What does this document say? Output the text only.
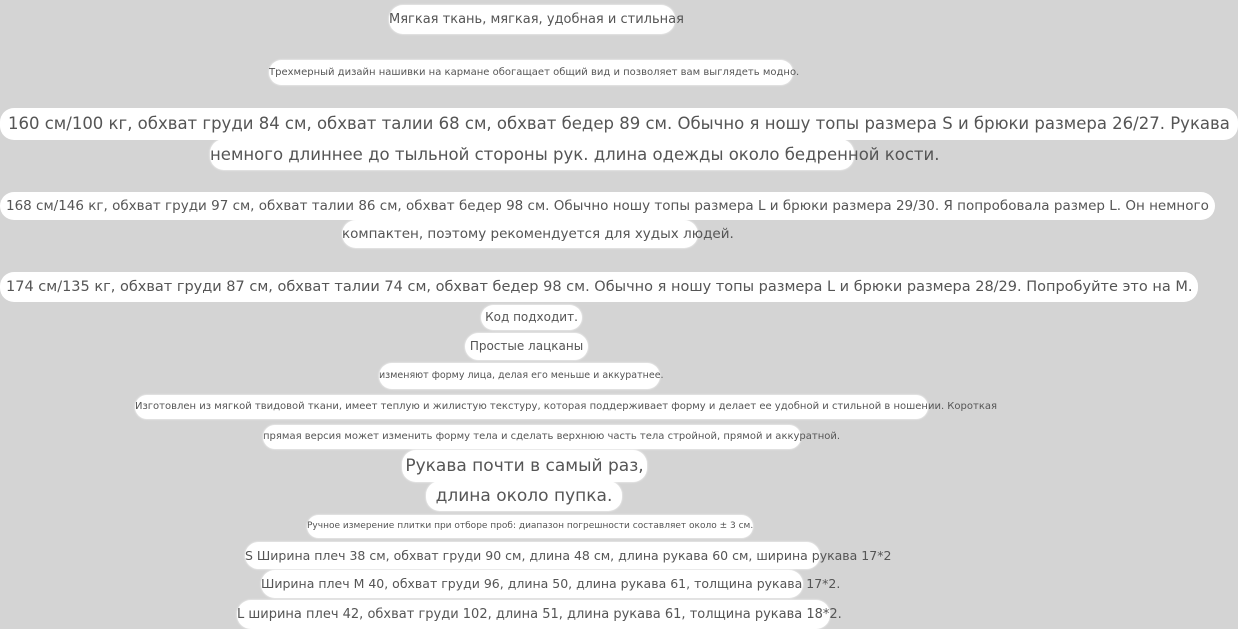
Мягкая ткань, мягкая, удобная и стильная
Трехмерный дизайн нашивки на кармане обогащает общий вид и позволяет вам выглядеть модно.
160 см/100 кг, обхват груди 84 см, обхват талии 68 см, обхват бедер 89 см. Обычно я ношу топы размера S и брюки размера 26/27. Рукава
немного длиннее до тыльной стороны рук. длина одежды около бедренной кости.
168 см/146 кг, обхват груди 97 см, обхват талии 86 см, обхват бедер 98 см. Обычно ношу топы размера L и брюки размера 29/30. Я попробовала размер L. Он немного
компактен, поэтому рекомендуется для худых людей.
174 см/135 кг, обхват груди 87 см, обхват талии 74 см, обхват бедер 98 см. Обычно я ношу топы размера L и брюки размера 28/29. Попробуйте это на М.
Код подходит.
Простые лацканы
изменяют форму лица, делая его меньше и аккуратнее.
Изготовлен из мягкой твидовой ткани, имеет теплую и жилистую текстуру, которая поддерживает форму и делает ее удобной и стильной в ношении. Короткая
прямая версия может изменить форму тела и сделать верхнюю часть тела стройной, прямой и аккуратной.
Рукава почти в самый раз,
длина около пупка.
Ручное измерение плитки при отборе проб: диапазон погрешности составляет около ± 3 см.
S Ширина плеч 38 см, обхват груди 90 см, длина 48 см, длина рукава 60 см, ширина рукава 17*2
Ширина плеч M 40, обхват груди 96, длина 50, длина рукава 61, толщина рукава 17*2.
L ширина плеч 42, обхват груди 102, длина 51, длина рукава 61, толщина рукава 18*2.
